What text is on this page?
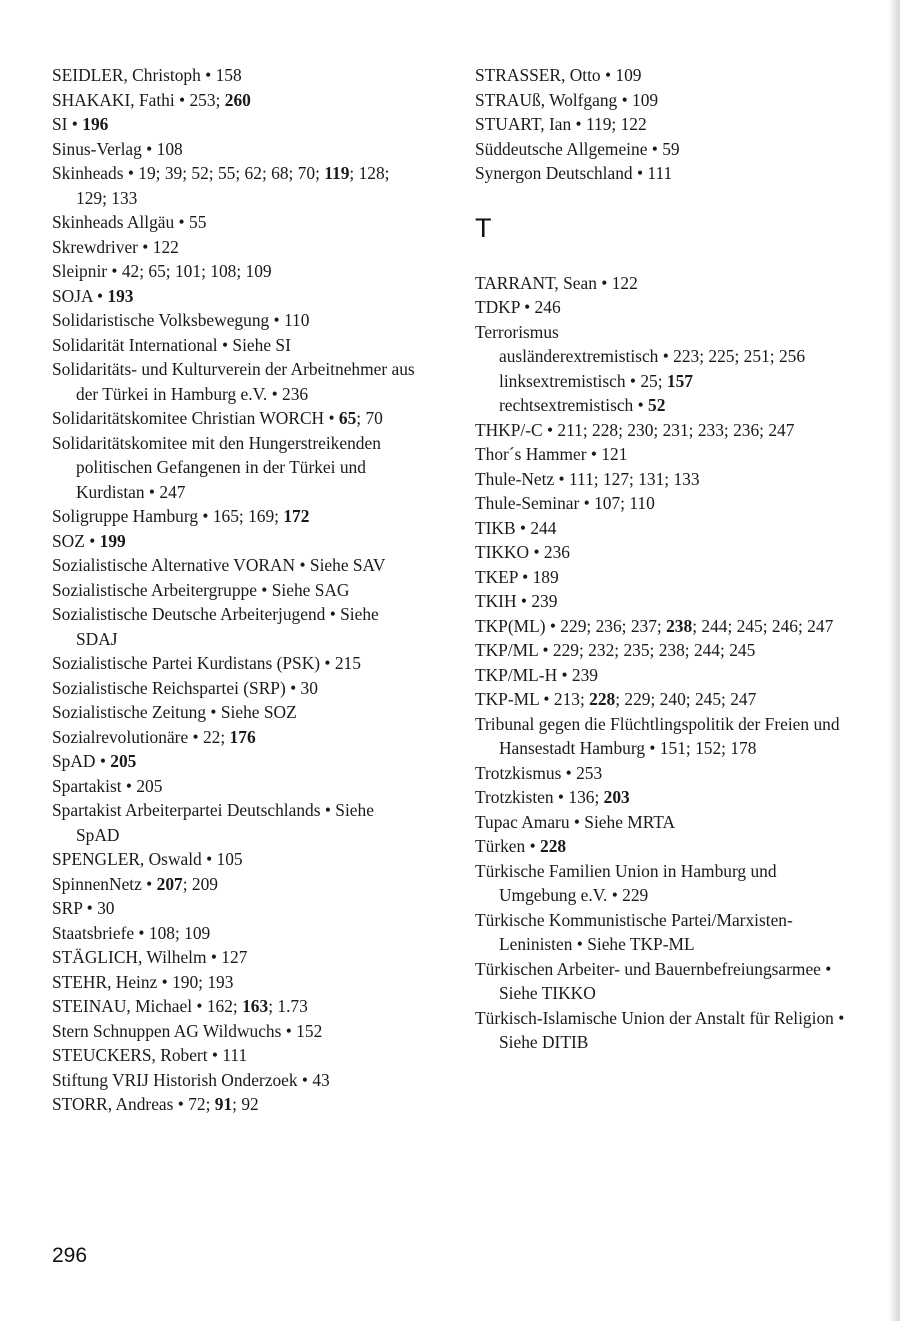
SEIDLER, Christoph • 158
SHAKAKI, Fathi • 253; 260
SI • 196
Sinus-Verlag • 108
Skinheads • 19; 39; 52; 55; 62; 68; 70; 119; 128; 129; 133
Skinheads Allgäu • 55
Skrewdriver • 122
Sleipnir • 42; 65; 101; 108; 109
SOJA • 193
Solidaristische Volksbewegung • 110
Solidarität International • Siehe SI
Solidaritäts- und Kulturverein der Arbeitnehmer aus der Türkei in Hamburg e.V. • 236
Solidaritätskomitee Christian WORCH • 65; 70
Solidaritätskomitee mit den Hungerstreikenden politischen Gefangenen in der Türkei und Kurdistan • 247
Soligruppe Hamburg • 165; 169; 172
SOZ • 199
Sozialistische Alternative VORAN • Siehe SAV
Sozialistische Arbeitergruppe • Siehe SAG
Sozialistische Deutsche Arbeiterjugend • Siehe SDAJ
Sozialistische Partei Kurdistans (PSK) • 215
Sozialistische Reichspartei (SRP) • 30
Sozialistische Zeitung • Siehe SOZ
Sozialrevolutionäre • 22; 176
SpAD • 205
Spartakist • 205
Spartakist Arbeiterpartei Deutschlands • Siehe SpAD
SPENGLER, Oswald • 105
SpinnenNetz • 207; 209
SRP • 30
Staatsbriefe • 108; 109
STÄGLICH, Wilhelm • 127
STEHR, Heinz • 190; 193
STEINAU, Michael • 162; 163; 1.73
Stern Schnuppen AG Wildwuchs • 152
STEUCKERS, Robert • 111
Stiftung VRIJ Historish Onderzoek • 43
STORR, Andreas • 72; 91; 92
STRASSER, Otto • 109
STRAUß, Wolfgang • 109
STUART, Ian • 119; 122
Süddeutsche Allgemeine • 59
Synergon Deutschland • 111
T
TARRANT, Sean • 122
TDKP • 246
Terrorismus
ausländerextremistisch • 223; 225; 251; 256
linksextremistisch • 25; 157
rechtsextremistisch • 52
THKP/-C • 211; 228; 230; 231; 233; 236; 247
Thor´s Hammer • 121
Thule-Netz • 111; 127; 131; 133
Thule-Seminar • 107; 110
TIKB • 244
TIKKO • 236
TKEP • 189
TKIH • 239
TKP(ML) • 229; 236; 237; 238; 244; 245; 246; 247
TKP/ML • 229; 232; 235; 238; 244; 245
TKP/ML-H • 239
TKP-ML • 213; 228; 229; 240; 245; 247
Tribunal gegen die Flüchtlingspolitik der Freien und Hansestadt Hamburg • 151; 152; 178
Trotzkismus • 253
Trotzkisten • 136; 203
Tupac Amaru • Siehe MRTA
Türken • 228
Türkische Familien Union in Hamburg und Umgebung e.V. • 229
Türkische Kommunistische Partei/Marxisten-Leninisten • Siehe TKP-ML
Türkischen Arbeiter- und Bauernbefreiungsarmee • Siehe TIKKO
Türkisch-Islamische Union der Anstalt für Religion • Siehe DITIB
296
